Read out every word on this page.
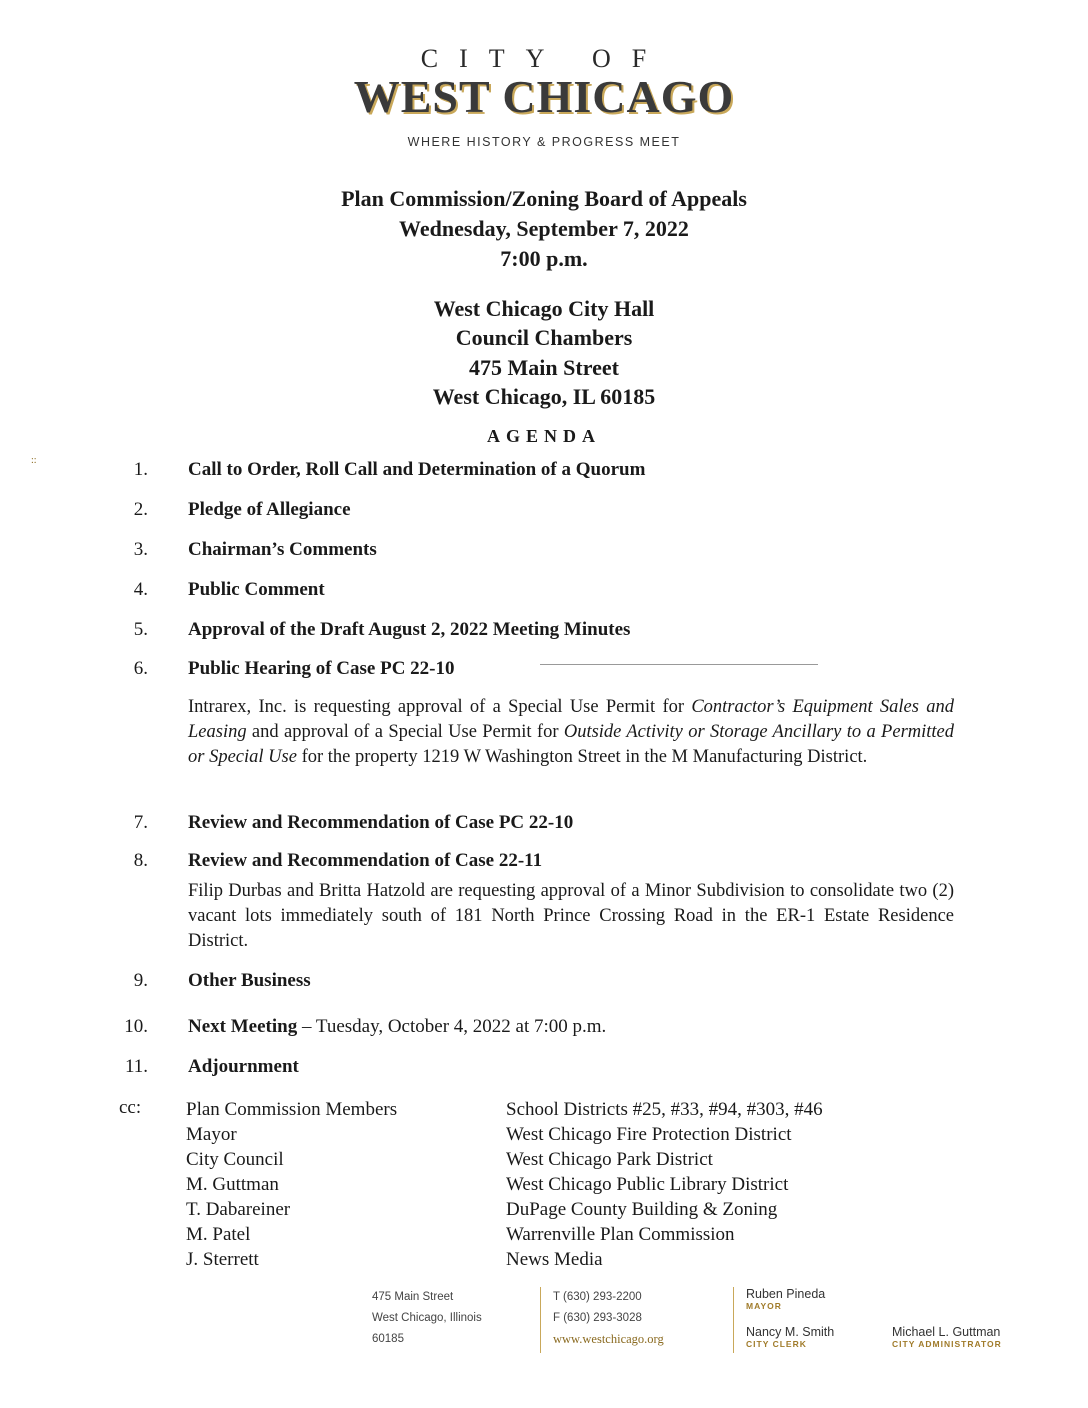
CITY OF
WEST CHICAGO
WHERE HISTORY & PROGRESS MEET
Plan Commission/Zoning Board of Appeals
Wednesday, September 7, 2022
7:00 p.m.
West Chicago City Hall
Council Chambers
475 Main Street
West Chicago, IL 60185
AGENDA
::	1. Call to Order, Roll Call and Determination of a Quorum
2. Pledge of Allegiance
3. Chairman’s Comments
4. Public Comment
5. Approval of the Draft August 2, 2022 Meeting Minutes
6. Public Hearing of Case PC 22-10
Intrarex, Inc. is requesting approval of a Special Use Permit for Contractor’s Equipment Sales and Leasing and approval of a Special Use Permit for Outside Activity or Storage Ancillary to a Permitted or Special Use for the property 1219 W Washington Street in the M Manufacturing District.
7. Review and Recommendation of Case PC 22-10
8. Review and Recommendation of Case 22-11
Filip Durbas and Britta Hatzold are requesting approval of a Minor Subdivision to consolidate two (2) vacant lots immediately south of 181 North Prince Crossing Road in the ER-1 Estate Residence District.
9. Other Business
10. Next Meeting – Tuesday, October 4, 2022 at 7:00 p.m.
11. Adjournment
cc: Plan Commission Members
Mayor
City Council
M. Guttman
T. Dabareiner
M. Patel
J. Sterrett
School Districts #25, #33, #94, #303, #46
West Chicago Fire Protection District
West Chicago Park District
West Chicago Public Library District
DuPage County Building & Zoning
Warrenville Plan Commission
News Media
475 Main Street
West Chicago, Illinois
60185
T (630) 293-2200
F (630) 293-3028
www.westchicago.org
Ruben Pineda
MAYOR
Nancy M. Smith
CITY CLERK
Michael L. Guttman
CITY ADMINISTRATOR
